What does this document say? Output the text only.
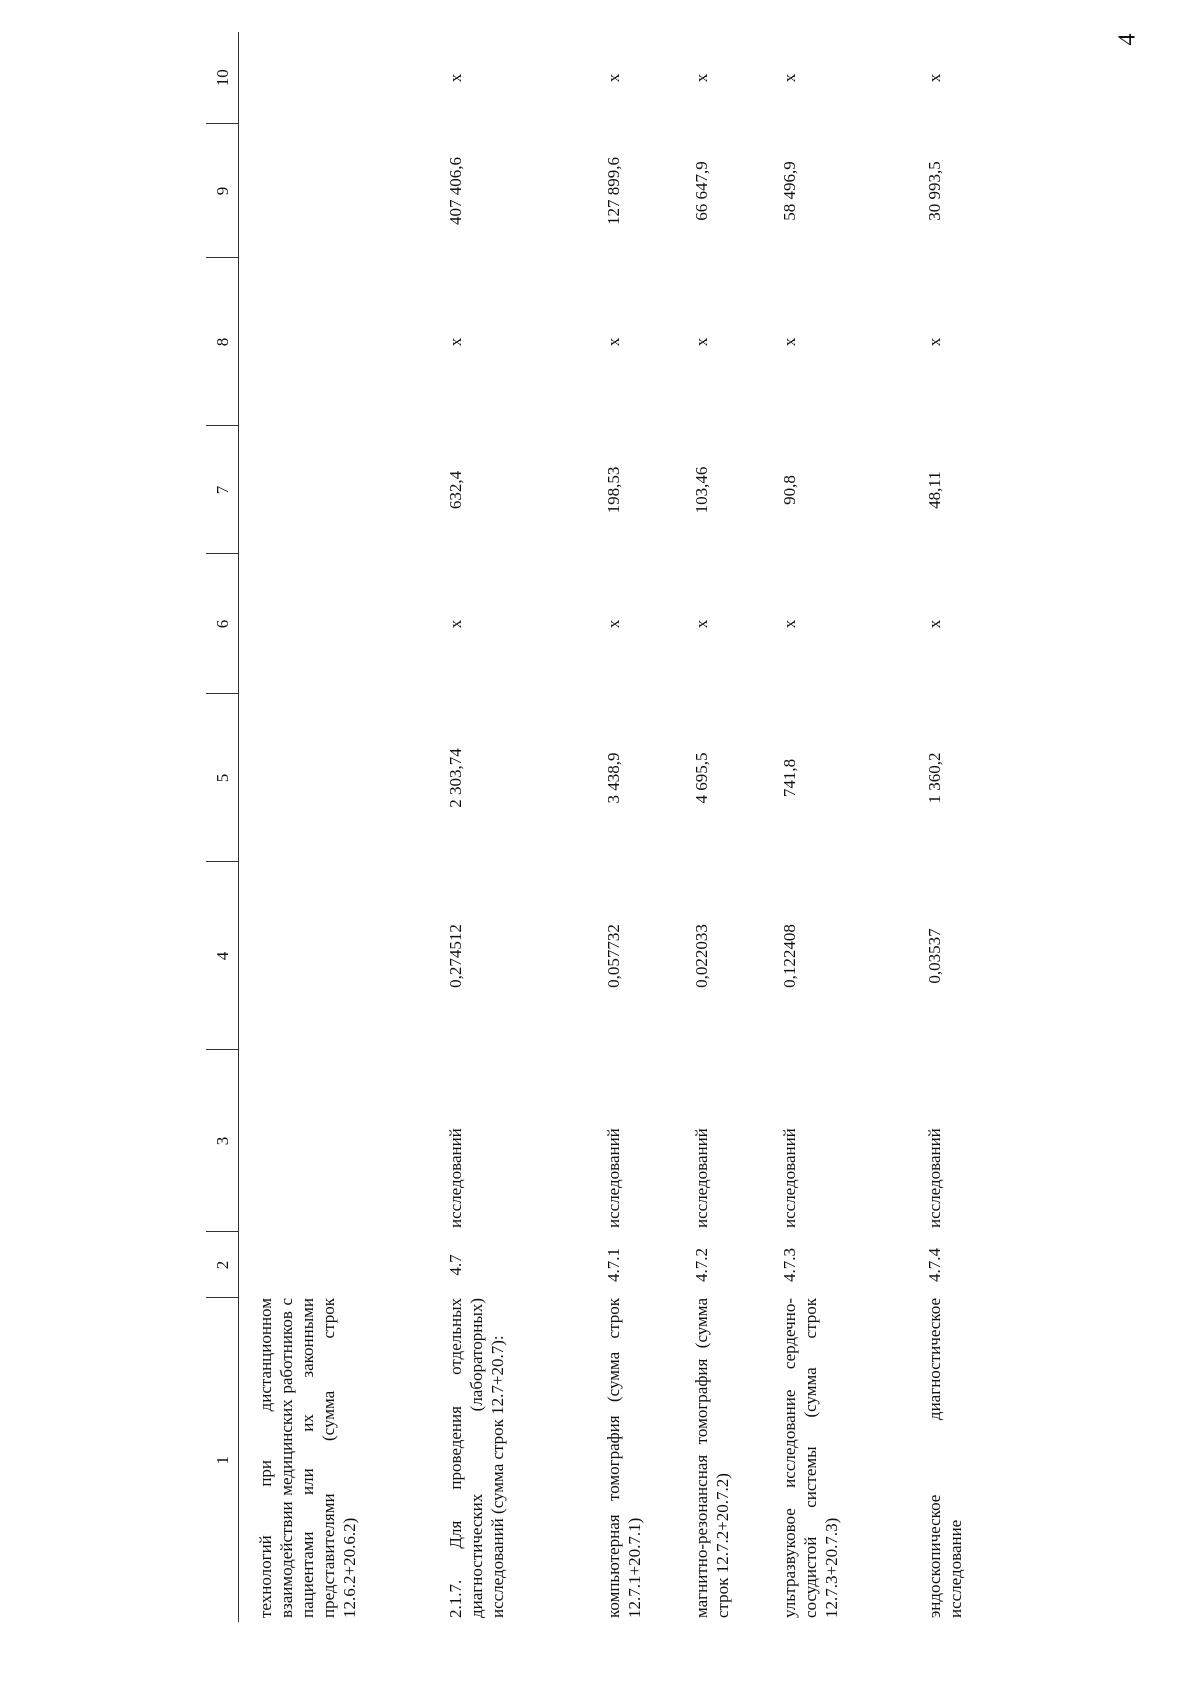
4
1	2	3	4	5	6	7	8	9	10
технологий при дистанционном взаимодействии медицинских работников с пациентами или их законными представителями (сумма строк 12.6.2+20.6.2)									
2.1.7. Для проведения отдельных диагностических (лабораторных) исследований (сумма строк 12.7+20.7):	4.7	исследований	0,274512	2 303,74	x	632,4	x	407 406,6	x
компьютерная томография (сумма строк 12.7.1+20.7.1)	4.7.1	исследований	0,057732	3 438,9	x	198,53	x	127 899,6	x
магнитно-резонансная томография (сумма строк 12.7.2+20.7.2)	4.7.2	исследований	0,022033	4 695,5	x	103,46	x	66 647,9	x
ультразвуковое исследование сердечно-сосудистой системы (сумма строк 12.7.3+20.7.3)	4.7.3	исследований	0,122408	741,8	x	90,8	x	58 496,9	x
эндоскопическое диагностическое исследование	4.7.4	исследований	0,03537	1 360,2	x	48,11	x	30 993,5	x
